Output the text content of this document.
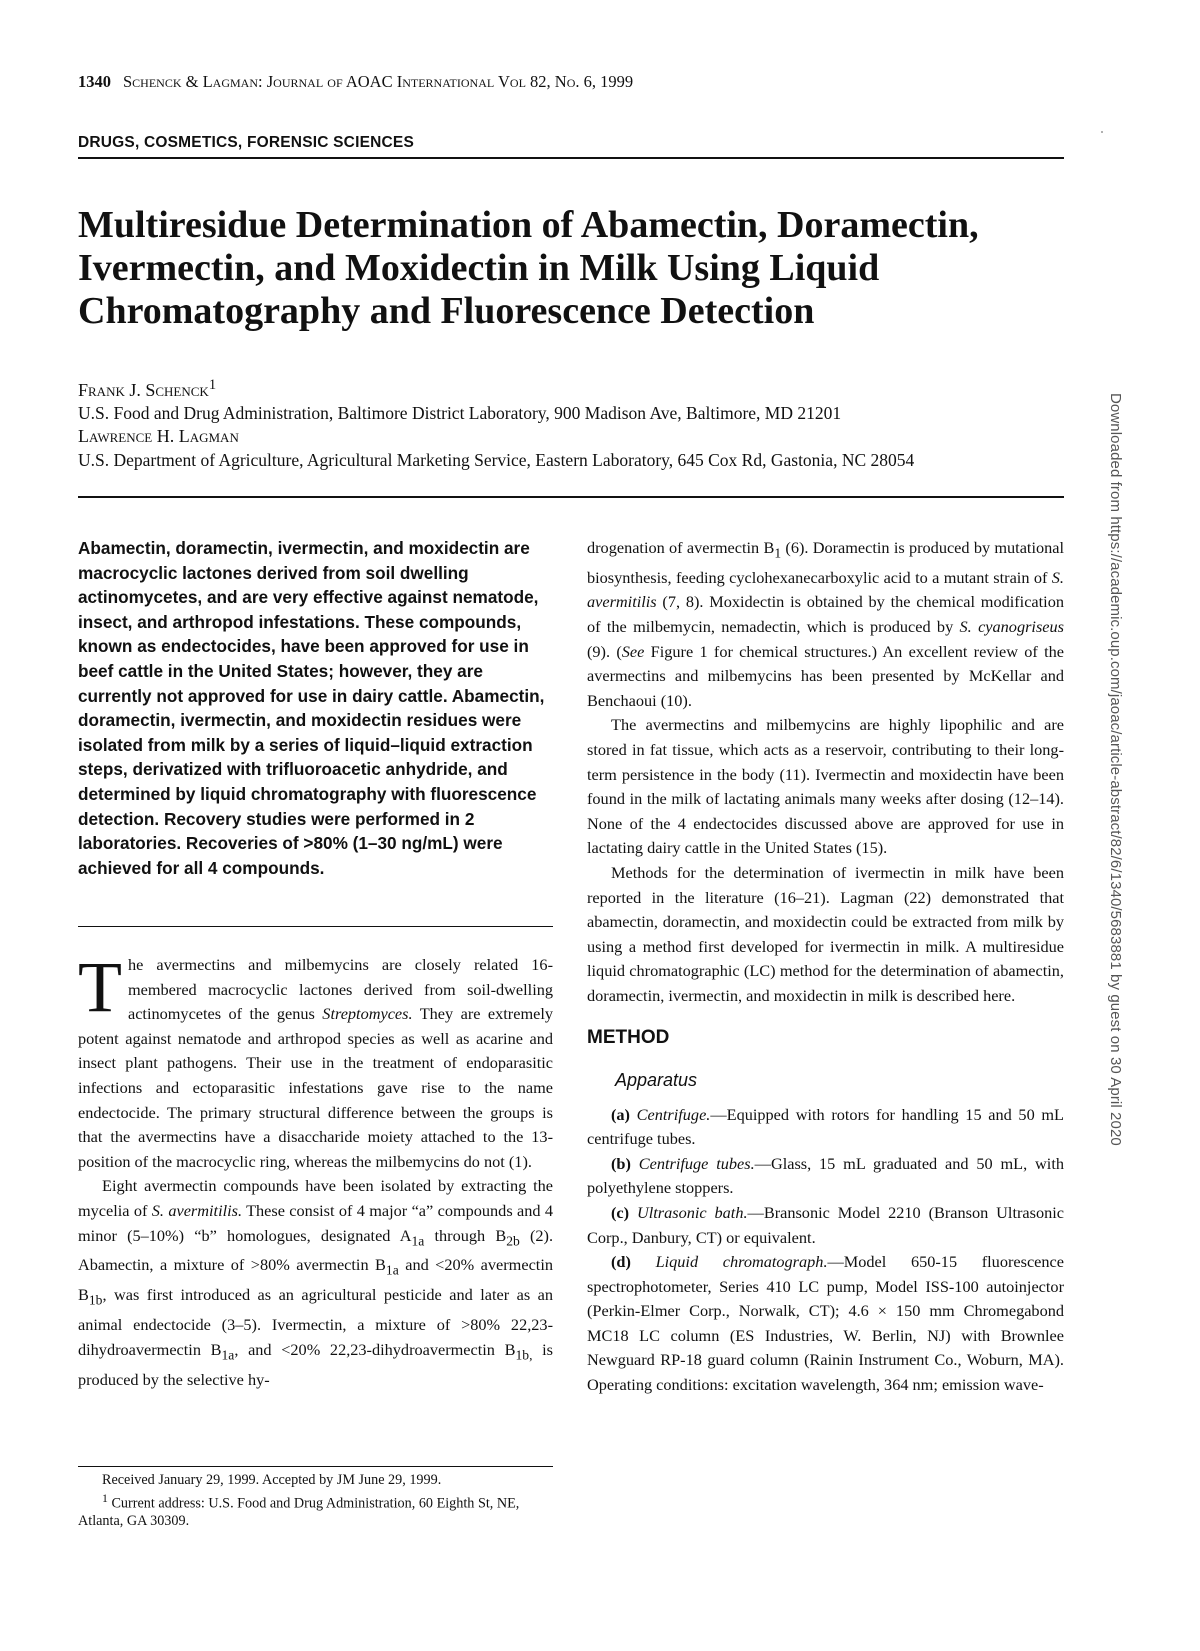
1340 Schenck & Lagman: Journal of AOAC International Vol 82, No. 6, 1999
DRUGS, COSMETICS, FORENSIC SCIENCES
Multiresidue Determination of Abamectin, Doramectin,
Ivermectin, and Moxidectin in Milk Using Liquid
Chromatography and Fluorescence Detection
Frank J. Schenck$^1$
U.S. Food and Drug Administration, Baltimore District Laboratory, 900 Madison Ave, Baltimore, MD 21201
Lawrence H. Lagman
U.S. Department of Agriculture, Agricultural Marketing Service, Eastern Laboratory, 645 Cox Rd, Gastonia, NC 28054

Abamectin, doramectin, ivermectin, and moxidectin are macrocyclic lactones derived from soil dwelling actinomycetes, and are very effective against nematode, insect, and arthropod infestations. These compounds, known as endectocides, have been approved for use in beef cattle in the United States; however, they are currently not approved for use in dairy cattle. Abamectin, doramectin, ivermectin, and moxidectin residues were isolated from milk by a series of liquid–liquid extraction steps, derivatized with trifluoroacetic anhydride, and determined by liquid chromatography with fluorescence detection. Recovery studies were performed in 2 laboratories. Recoveries of >80% (1–30 ng/mL) were achieved for all 4 compounds.

The avermectins and milbemycins are closely related 16-membered macrocyclic lactones derived from soil-dwelling actinomycetes of the genus Streptomyces. They are extremely potent against nematode and arthropod species as well as acarine and insect plant pathogens. Their use in the treatment of endoparasitic infections and ectoparasitic infestations gave rise to the name endectocide. The primary structural difference between the groups is that the avermectins have a disaccharide moiety attached to the 13-position of the macrocyclic ring, whereas the milbemycins do not (1).

Eight avermectin compounds have been isolated by extracting the mycelia of S. avermitilis. These consist of 4 major “a” compounds and 4 minor (5–10%) “b” homologues, designated $A_{1a}$ through $B_{2b}$ (2). Abamectin, a mixture of >80% avermectin $B_{1a}$ and <20% avermectin $B_{1b}$, was first introduced as an agricultural pesticide and later as an animal endectocide (3–5). Ivermectin, a mixture of >80% 22,23-dihydroavermectin $B_{1a}$, and <20% 22,23-dihydroavermectin $B_{1b,}$ is produced by the selective hy-

drogenation of avermectin $B_1$ (6). Doramectin is produced by mutational biosynthesis, feeding cyclohexanecarboxylic acid to a mutant strain of S. avermitilis (7, 8). Moxidectin is obtained by the chemical modification of the milbemycin, nemadectin, which is produced by S. cyanogriseus (9). (See Figure 1 for chemical structures.) An excellent review of the avermectins and milbemycins has been presented by McKellar and Benchaoui (10).

The avermectins and milbemycins are highly lipophilic and are stored in fat tissue, which acts as a reservoir, contributing to their long-term persistence in the body (11). Ivermectin and moxidectin have been found in the milk of lactating animals many weeks after dosing (12–14). None of the 4 endectocides discussed above are approved for use in lactating dairy cattle in the United States (15).

Methods for the determination of ivermectin in milk have been reported in the literature (16–21). Lagman (22) demonstrated that abamectin, doramectin, and moxidectin could be extracted from milk by using a method first developed for ivermectin in milk. A multiresidue liquid chromatographic (LC) method for the determination of abamectin, doramectin, ivermectin, and moxidectin in milk is described here.

METHOD
Apparatus

(a) Centrifuge.—Equipped with rotors for handling 15 and 50 mL centrifuge tubes.

(b) Centrifuge tubes.—Glass, 15 mL graduated and 50 mL, with polyethylene stoppers.

(c) Ultrasonic bath.—Bransonic Model 2210 (Branson Ultrasonic Corp., Danbury, CT) or equivalent.

(d) Liquid chromatograph.—Model 650-15 fluorescence spectrophotometer, Series 410 LC pump, Model ISS-100 autoinjector (Perkin-Elmer Corp., Norwalk, CT); 4.6 × 150 mm Chromegabond MC18 LC column (ES Industries, W. Berlin, NJ) with Brownlee Newguard RP-18 guard column (Rainin Instrument Co., Woburn, MA). Operating conditions: excitation wavelength, 364 nm; emission wave-

Received January 29, 1999. Accepted by JM June 29, 1999.

$^1$ Current address: U.S. Food and Drug Administration, 60 Eighth St, NE, Atlanta, GA 30309.

Downloaded from https://academic.oup.com/jaoac/article-abstract/82/6/1340/5683881 by guest on 30 April 2020
